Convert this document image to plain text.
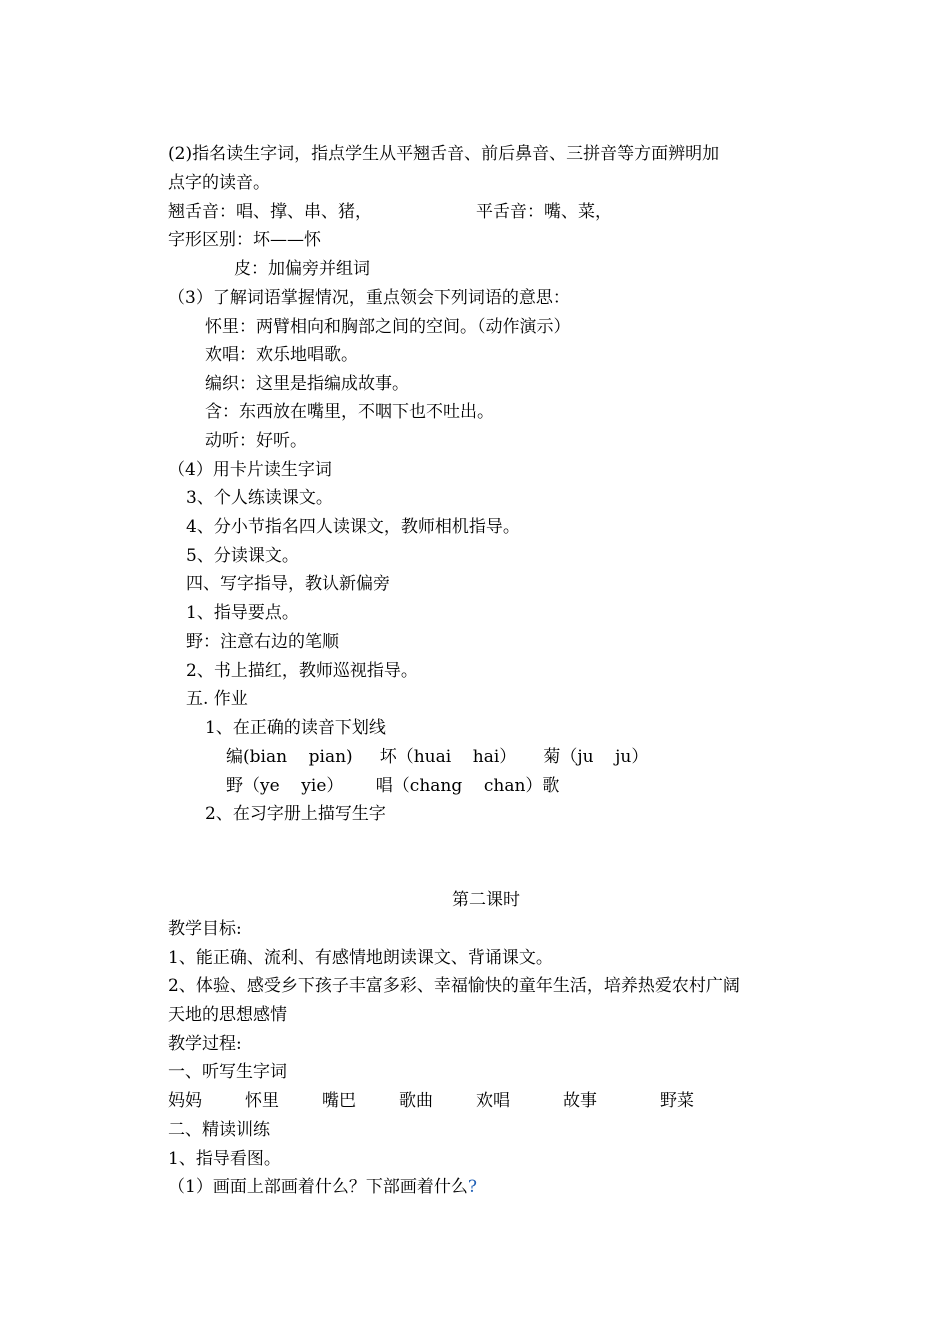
(2)指名读生字词，指点学生从平翘舌音、前后鼻音、三拼音等方面辨明加
点字的读音。
翘舌音：唱、撑、串、猪，	平舌音：嘴、菜，
字形区别：坏——怀
皮：加偏旁并组词
（3）了解词语掌握情况，重点领会下列词语的意思：
怀里：两臂相向和胸部之间的空间。（动作演示）
欢唱：欢乐地唱歌。
编织：这里是指编成故事。
含：东西放在嘴里，不咽下也不吐出。
动听：好听。
（4）用卡片读生字词
3、个人练读课文。
4、分小节指名四人读课文，教师相机指导。
5、分读课文。
四、写字指导，教认新偏旁
1、指导要点。
野：注意右边的笔顺
2、书上描红，教师巡视指导。
五. 作业
1、在正确的读音下划线
编(bian    pian)     坏（huai    hai）     菊（ju    ju）
野（ye    yie）      唱（chang    chan）歌
2、在习字册上描写生字
第二课时
教学目标:
1、能正确、流利、有感情地朗读课文、背诵课文。
2、体验、感受乡下孩子丰富多彩、幸福愉快的童年生活，培养热爱农村广阔
天地的思想感情
教学过程:
一、听写生字词
妈妈	怀里	嘴巴	歌曲	欢唱	故事	野菜
二、精读训练
1、指导看图。
（1）画面上部画着什么？下部画着什么?
